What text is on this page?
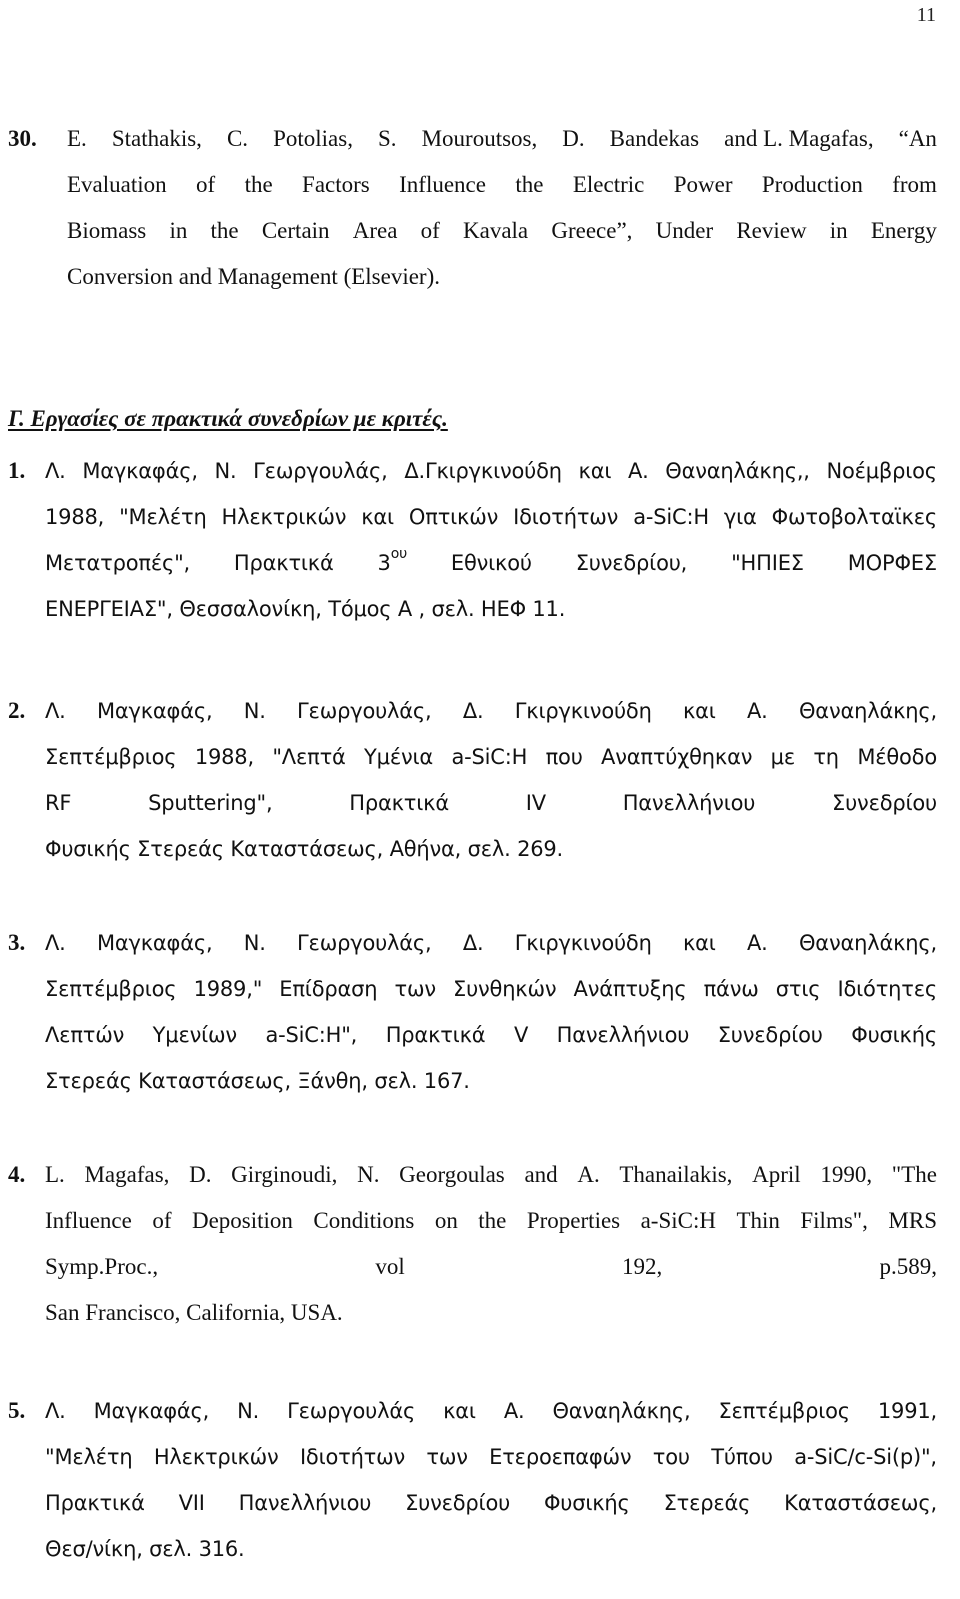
11
30. E. Stathakis, C. Potolias, S. Mouroutsos, D. Bandekas and L. Magafas, “An
Evaluation of the Factors Influence the Electric Power Production from
Biomass in the Certain Area of Kavala Greece”, Under Review in Energy
Conversion and Management (Elsevier).
Γ. Εργασίες σε πρακτικά συνεδρίων με κριτές.
1. Λ. Μαγκαφάς, Ν. Γεωργουλάς, Δ.Γκιργκινούδη και Α. Θαναηλάκης,, Νοέμβριος
1988, "Μελέτη Ηλεκτρικών και Οπτικών Ιδιοτήτων a-SiC:H για Φωτοβολταϊκες
Μετατροπές", Πρακτικά $3^{o\upsilon}$ Εθνικού Συνεδρίου, "ΗΠΙΕΣ ΜΟΡΦΕΣ
ΕΝΕΡΓΕΙΑΣ", Θεσσαλονίκη, Τόμος Α , σελ. ΗΕΦ 11.
2. Λ. Μαγκαφάς, Ν. Γεωργουλάς, Δ. Γκιργκινούδη και Α. Θαναηλάκης,
Σεπτέμβριος 1988, "Λεπτά Υμένια a-SiC:H που Αναπτύχθηκαν με τη Μέθοδο
RF	Sputtering",	Πρακτικά	IV	Πανελλήνιου	Συνεδρίου
Φυσικής Στερεάς Καταστάσεως, Αθήνα, σελ. 269.
3. Λ. Μαγκαφάς, Ν. Γεωργουλάς, Δ. Γκιργκινούδη και Α. Θαναηλάκης,
Σεπτέμβριος 1989," Επίδραση των Συνθηκών Ανάπτυξης πάνω στις Ιδιότητες
Λεπτών Υμενίων a-SiC:H", Πρακτικά V Πανελλήνιου Συνεδρίου Φυσικής
Στερεάς Καταστάσεως, Ξάνθη, σελ. 167.
4. L. Magafas, D. Girginoudi, N. Georgoulas and A. Thanailakis, April 1990, "The
Influence of Deposition Conditions on the Properties a-SiC:H Thin Films", MRS
Symp.Proc.,	vol	192,	p.589,
San Francisco, California, USA.
5. Λ. Μαγκαφάς, Ν. Γεωργουλάς και Α. Θαναηλάκης, Σεπτέμβριος 1991,
"Μελέτη Ηλεκτρικών Ιδιοτήτων των Ετεροεπαφών του Τύπου a-SiC/c-Si(p)",
Πρακτικά VII Πανελλήνιου Συνεδρίου Φυσικής Στερεάς Καταστάσεως,
Θεσ/νίκη, σελ. 316.
